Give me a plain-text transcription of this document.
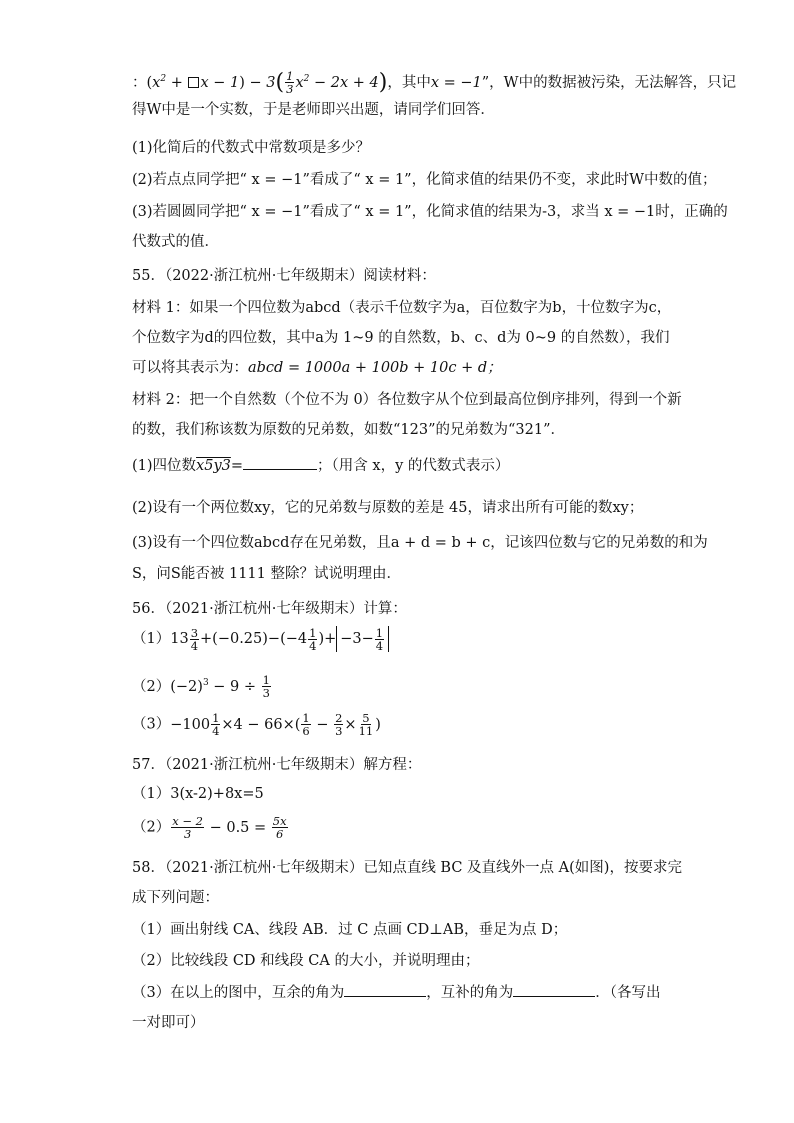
：$(x^2 + x - 1) - 3( \frac{1}{3} x^2 - 2x + 4)$，其中x = −1”，W中的数据被污染，无法解答，只记
得W中是一个实数，于是老师即兴出题，请同学们回答．
(1)化简后的代数式中常数项是多少？
(2)若点点同学把“ x = −1”看成了“ x = 1”，化简求值的结果仍不变，求此时W中数的值；
(3)若圆圆同学把“ x = −1”看成了“ x = 1”，化简求值的结果为-3，求当 x = −1时，正确的
代数式的值．
55．（2022·浙江杭州·七年级期末）阅读材料：
材料 1：如果一个四位数为abcd（表示千位数字为a，百位数字为b，十位数字为c，
个位数字为d的四位数，其中a为 1~9 的自然数，b、c、d为 0~9 的自然数），我们
可以将其表示为：abcd = 1000a + 100b + 10c + d；
材料 2：把一个自然数（个位不为 0）各位数字从个位到最高位倒序排列，得到一个新
的数，我们称该数为原数的兄弟数，如数“123”的兄弟数为“321”．
(1)四位数x5y3=	；（用含 x，y 的代数式表示）
(2)设有一个两位数xy，它的兄弟数与原数的差是 45，请求出所有可能的数xy；
(3)设有一个四位数abcd存在兄弟数，且a + d = b + c，记该四位数与它的兄弟数的和为
S，问S能否被 1111 整除？试说明理由．
56．（2021·浙江杭州·七年级期末）计算：
$(1)13 \frac{3}{4} +(-0.25)-(-4 \frac{1}{4}$ )+ $-3- \frac{1}{4}$
$(2)(-2)^3 - 9 \div \frac{1}{3}$
$(3)-100 \frac{1}{4} \times 4 - 66\times( \frac{1}{6} - \frac{2}{3} \times \frac{5}{11}$ )
57．（2021·浙江杭州·七年级期末）解方程：
（1）3(x-2)+8x=5
$(2) \frac{x - 2}{3} - 0.5 = \frac{5x}{6}$
58．（2021·浙江杭州·七年级期末）已知点直线 BC 及直线外一点 A(如图)，按要求完
成下列问题：
（1）画出射线 CA、线段 AB．过 C 点画 CD⊥AB，垂足为点 D；
（2）比较线段 CD 和线段 CA 的大小，并说明理由；
（3）在以上的图中，互余的角为	，互补的角为	．（各写出
一对即可）
